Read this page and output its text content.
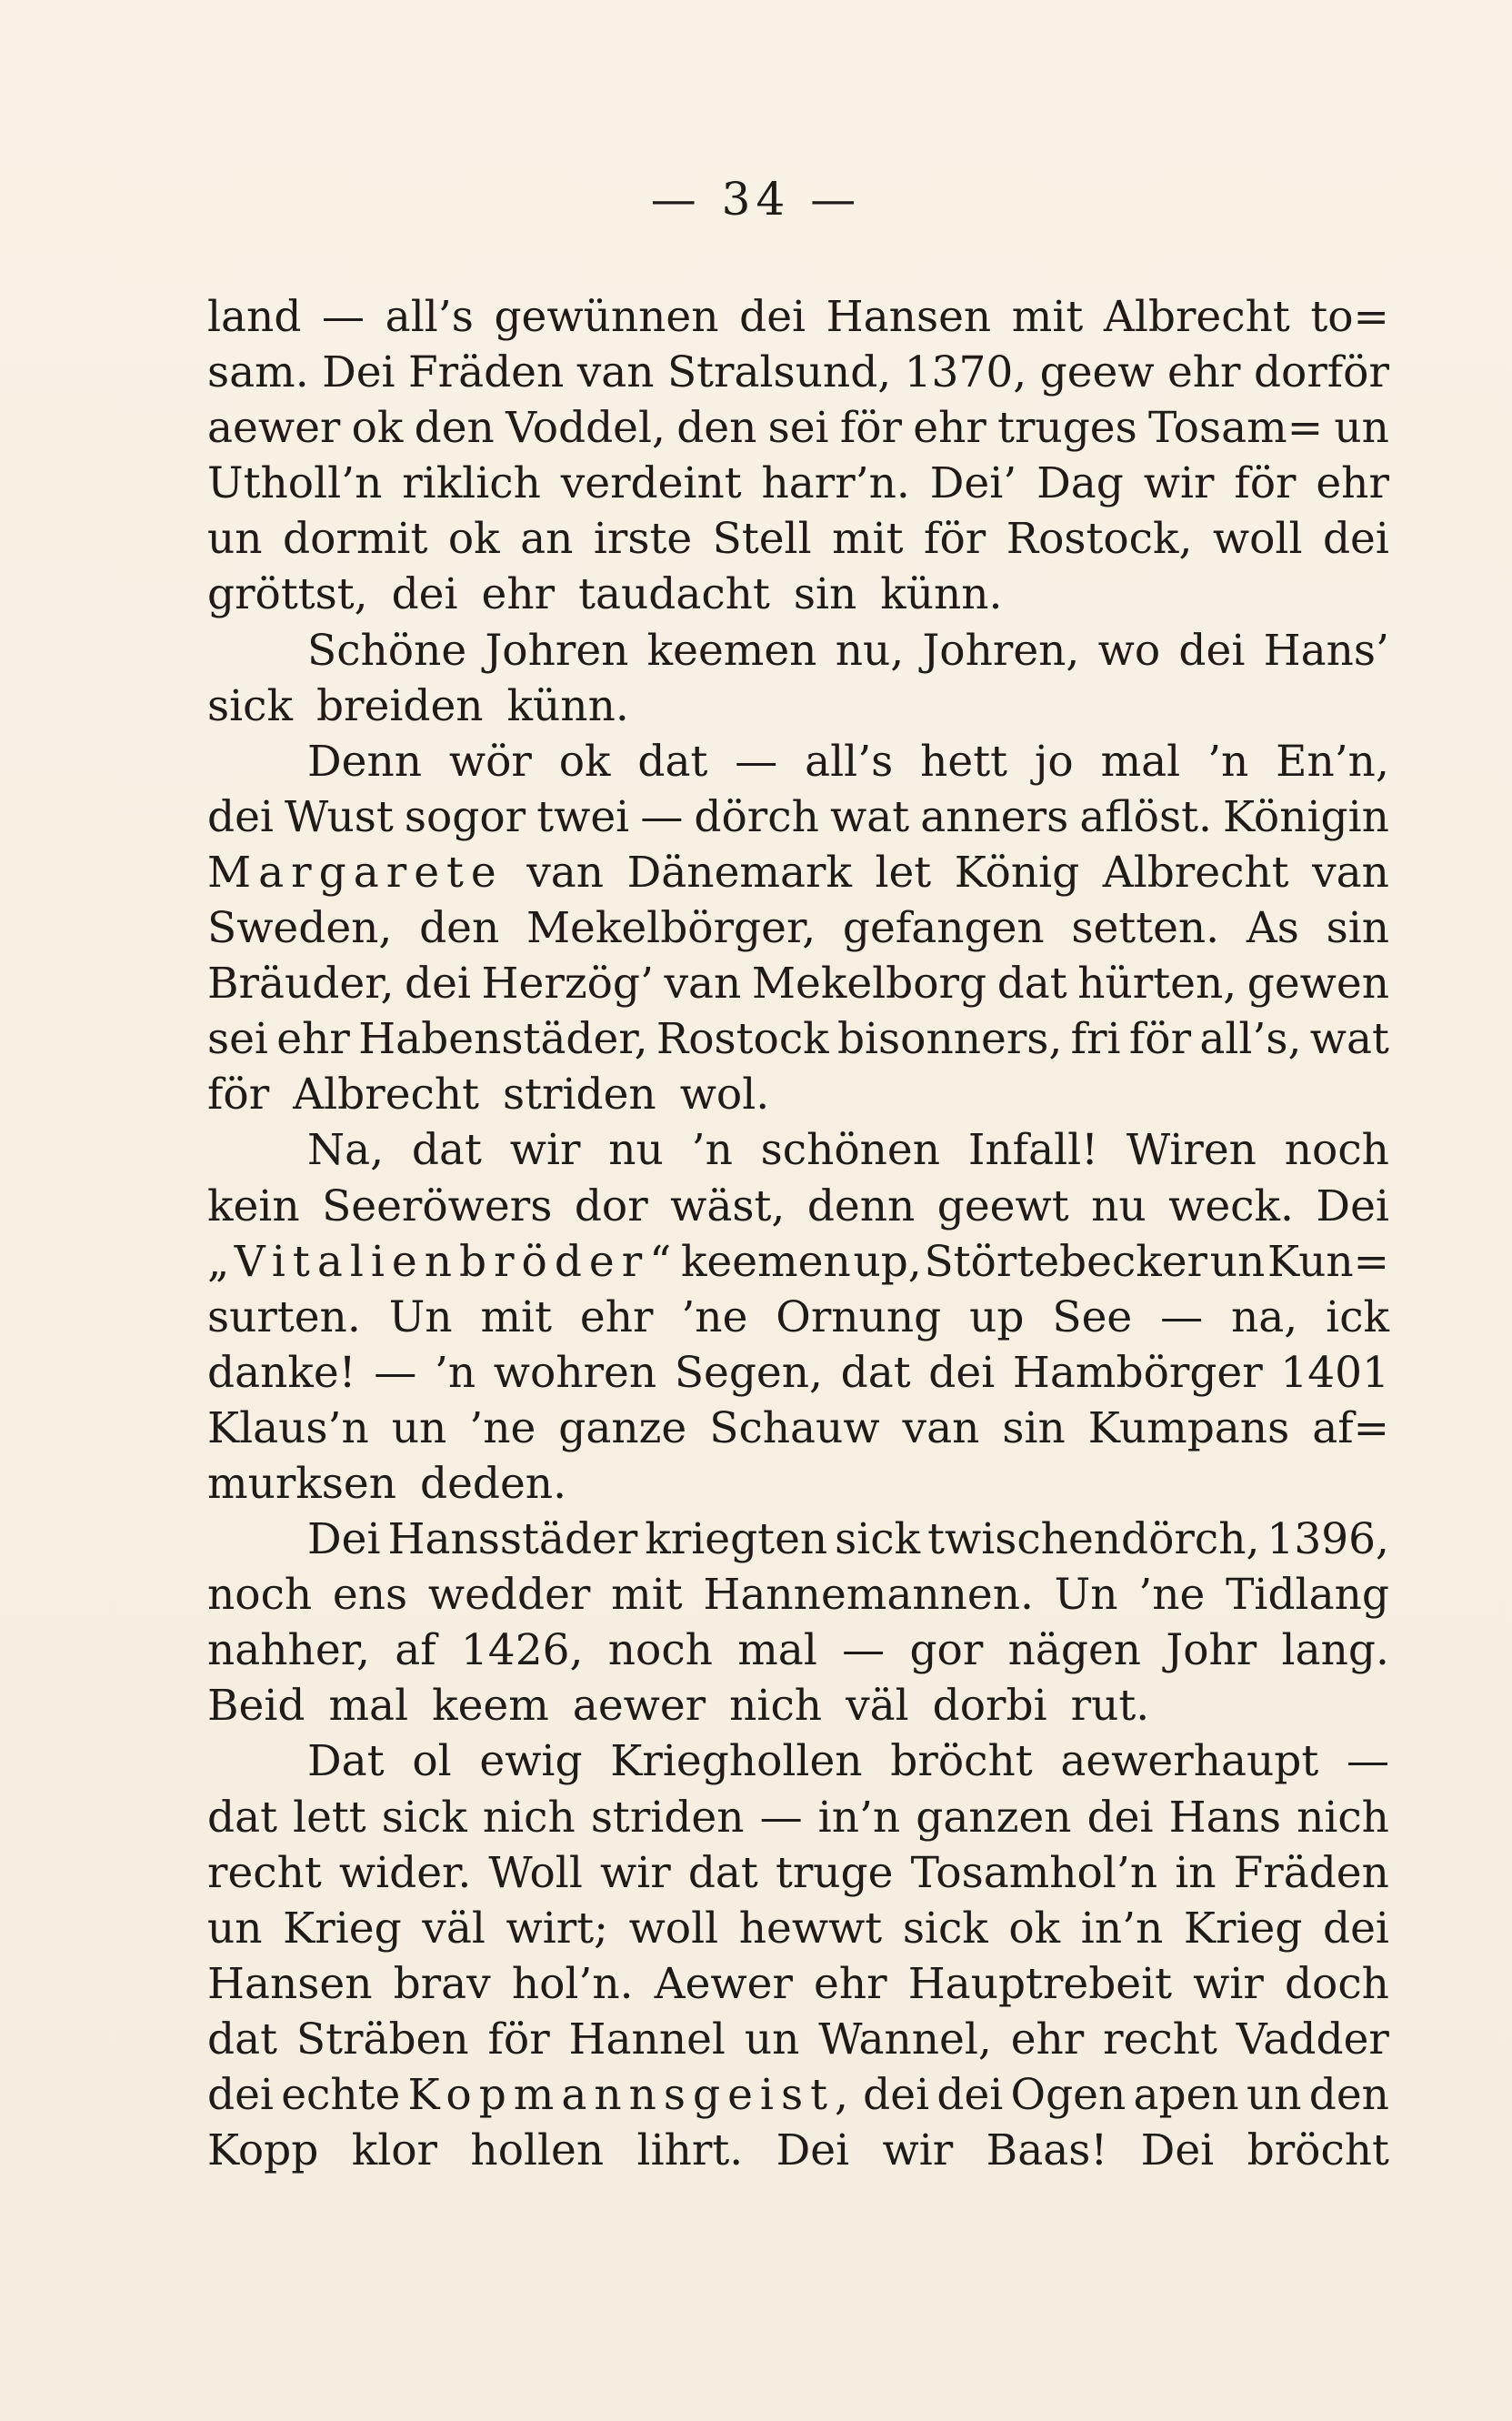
— 34 —
land — all’s gewünnen dei Hansen mit Albrecht to=
sam. Dei Fräden van Stralsund, 1370, geew ehr dorför
aewer ok den Voddel, den sei för ehr truges Tosam= un
Utholl’n riklich verdeint harr’n. Dei’ Dag wir för ehr
un dormit ok an irste Stell mit för Rostock, woll dei
gröttst, dei ehr taudacht sin künn.
Schöne Johren keemen nu, Johren, wo dei Hans’
sick breiden künn.
Denn wör ok dat — all’s hett jo mal ’n En’n,
dei Wust sogor twei — dörch wat anners aflöst. Königin
Margarete van Dänemark let König Albrecht van
Sweden, den Mekelbörger, gefangen setten. As sin
Bräuder, dei Herzög’ van Mekelborg dat hürten, gewen
sei ehr Habenstäder, Rostock bisonners, fri för all’s, wat
för Albrecht striden wol.
Na, dat wir nu ’n schönen Infall! Wiren noch
kein Seeröwers dor wäst, denn geewt nu weck. Dei
„Vitalienbröder“ keemen up, Störtebecker un Kun=
surten. Un mit ehr ’ne Ornung up See — na, ick
danke! — ’n wohren Segen, dat dei Hambörger 1401
Klaus’n un ’ne ganze Schauw van sin Kumpans af=
murksen deden.
Dei Hansstäder kriegten sick twischendörch, 1396,
noch ens wedder mit Hannemannen. Un ’ne Tidlang
nahher, af 1426, noch mal — gor nägen Johr lang.
Beid mal keem aewer nich väl dorbi rut.
Dat ol ewig Krieghollen bröcht aewerhaupt —
dat lett sick nich striden — in’n ganzen dei Hans nich
recht wider. Woll wir dat truge Tosamhol’n in Fräden
un Krieg väl wirt; woll hewwt sick ok in’n Krieg dei
Hansen brav hol’n. Aewer ehr Hauptrebeit wir doch
dat Sträben för Hannel un Wannel, ehr recht Vadder
dei echte Kopmannsgeist, dei dei Ogen apen un den
Kopp klor hollen lihrt. Dei wir Baas! Dei bröcht
